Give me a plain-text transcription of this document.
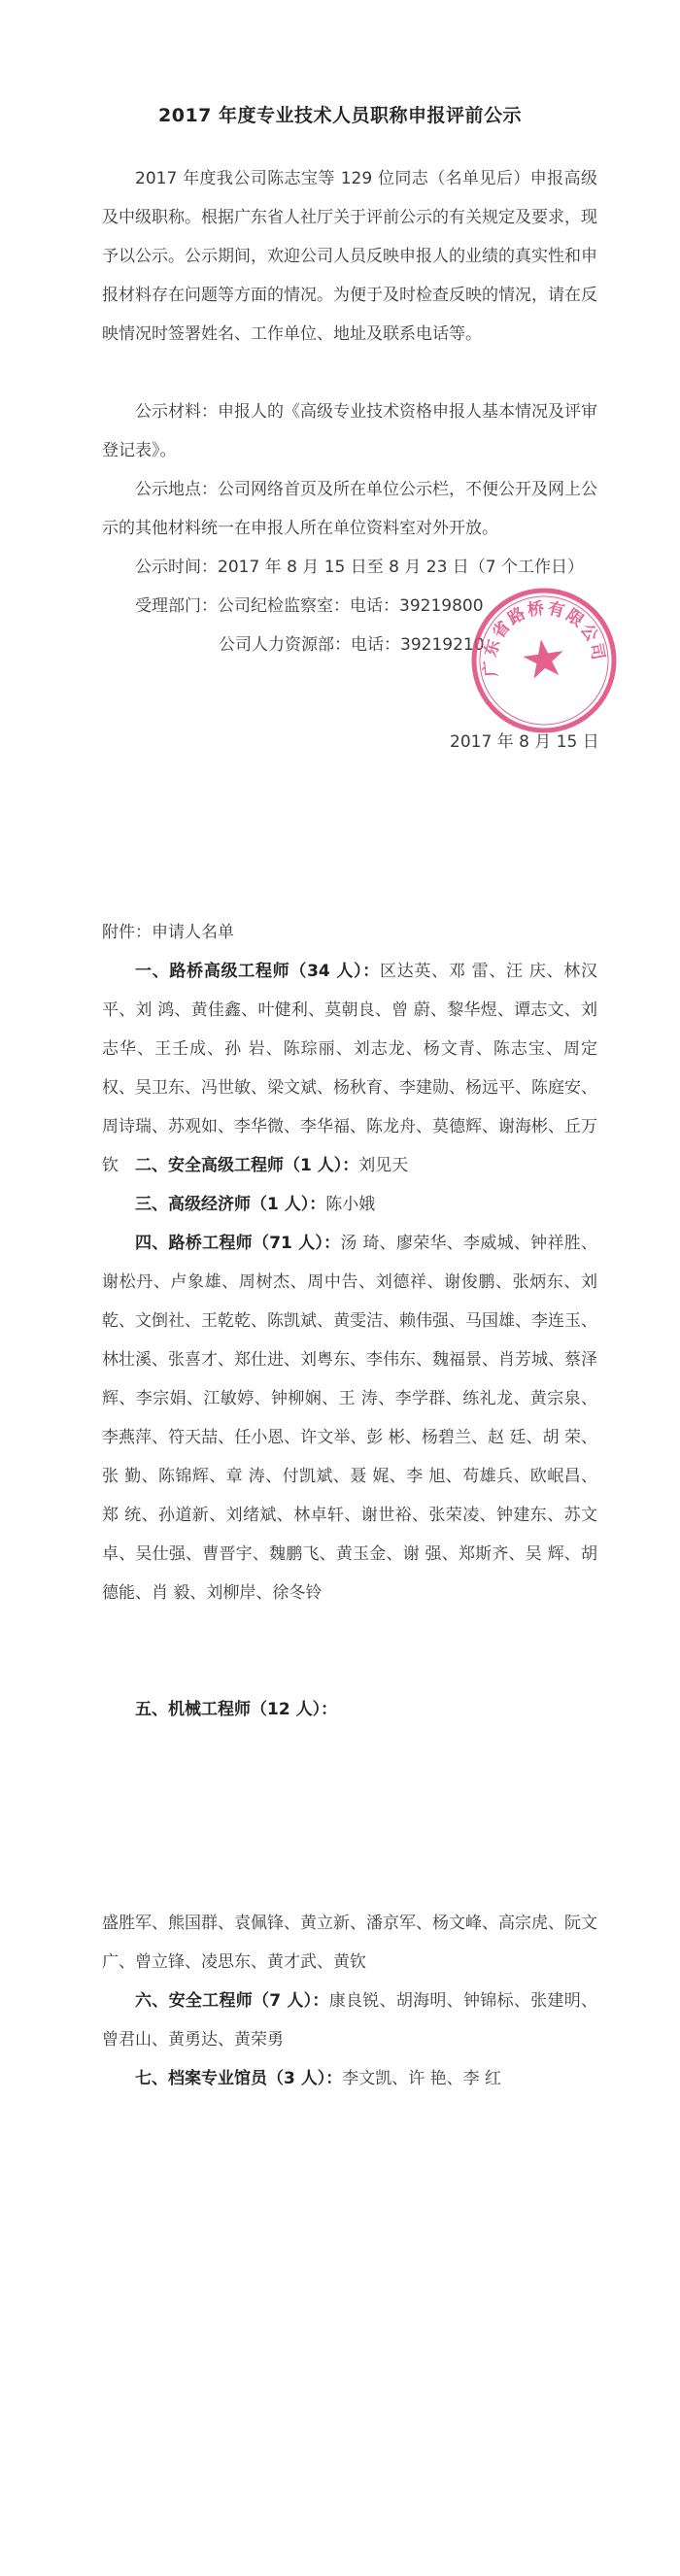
2017 年度专业技术人员职称申报评前公示

2017 年度我公司陈志宝等 129 位同志（名单见后）申报高级及中级职称。根据广东省人社厅关于评前公示的有关规定及要求，现予以公示。公示期间，欢迎公司人员反映申报人的业绩的真实性和申报材料存在问题等方面的情况。为便于及时检查反映的情况，请在反映情况时签署姓名、工作单位、地址及联系电话等。

公示材料：申报人的《高级专业技术资格申报人基本情况及评审登记表》。

公示地点：公司网络首页及所在单位公示栏，不便公开及网上公示的其他材料统一在申报人所在单位资料室对外开放。

公示时间：2017 年 8 月 15 日至 8 月 23 日（7 个工作日）
受理部门：公司纪检监察室：电话：39219800
公司人力资源部：电话：39219210
2017 年 8 月 15 日
广东省路桥有限公司
附件：申请人名单

一、路桥高级工程师（34 人）：区达英、邓 雷、汪 庆、林汉平、刘 鸿、黄佳鑫、叶健利、莫朝良、曾 蔚、黎华煜、谭志文、刘志华、王壬成、孙 岩、陈琮丽、刘志龙、杨文青、陈志宝、周定权、吴卫东、冯世敏、梁文斌、杨秋育、李建勋、杨远平、陈庭安、周诗瑞、苏观如、李华微、李华福、陈龙舟、莫德辉、谢海彬、丘万钦	二、安全高级工程师（1 人）：刘见天

三、高级经济师（1 人）：陈小娥

四、路桥工程师（71 人）：汤 琦、廖荣华、李威城、钟祥胜、谢松丹、卢象雄、周树杰、周中告、刘德祥、谢俊鹏、张炳东、刘 乾、文倒社、王乾乾、陈凯斌、黄雯洁、赖伟强、马国雄、李连玉、林壮溪、张喜才、郑仕进、刘粤东、李伟东、魏福景、肖芳城、蔡泽辉、李宗娟、江敏婷、钟柳娴、王 涛、李学群、练礼龙、黄宗泉、李燕萍、符天喆、任小恩、许文举、彭 彬、杨碧兰、赵 廷、胡 荣、张 勤、陈锦辉、章 涛、付凯斌、聂 娓、李 旭、苟雄兵、欧岷昌、郑 统、孙道新、刘绪斌、林卓轩、谢世裕、张荣凌、钟建东、苏文卓、吴仕强、曹晋宇、魏鹏飞、黄玉金、谢 强、郑斯齐、吴 辉、胡德能、肖 毅、刘柳岸、徐冬铃

五、机械工程师（12 人）：

盛胜军、熊国群、袁佩锋、黄立新、潘京军、杨文峰、高宗虎、阮文广、曾立锋、凌思东、黄才武、黄钦

六、安全工程师（7 人）：康良锐、胡海明、钟锦标、张建明、曾君山、黄勇达、黄荣勇

七、档案专业馆员（3 人）：李文凯、许 艳、李 红
